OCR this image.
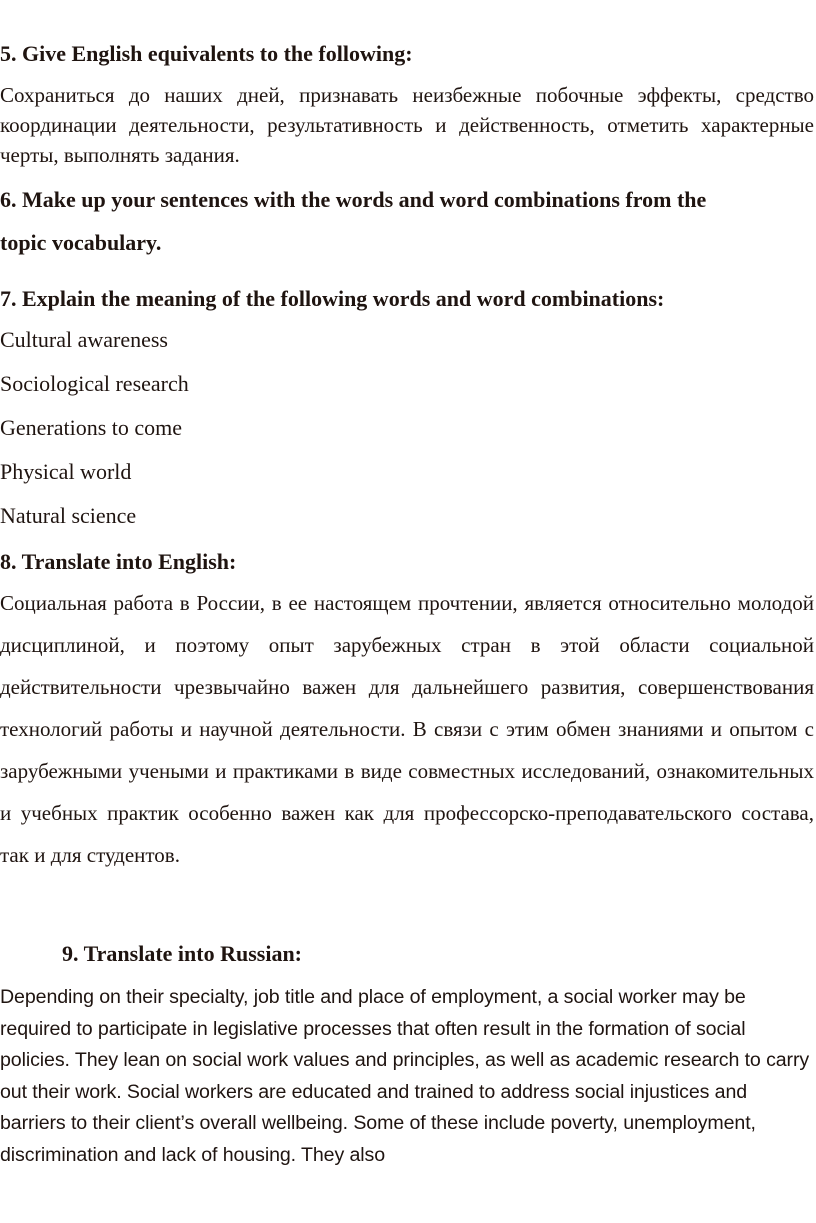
5. Give English equivalents to the following:

Сохраниться до наших дней, признавать неизбежные побочные эффекты, средство координации деятельности, результативность и действенность, отметить характерные черты, выполнять задания.

6. Make up your sentences with the words and word combinations from the
topic vocabulary.
7. Explain the meaning of the following words and word combinations:

Cultural awareness

Sociological research

Generations to come

Physical world

Natural science

8. Translate into English:

Социальная работа в России, в ее настоящем прочтении, является относительно молодой дисциплиной, и поэтому опыт зарубежных стран в этой области социальной действительности чрезвычайно важен для дальнейшего развития, совершенствования технологий работы и научной деятельности. В связи с этим обмен знаниями и опытом с зарубежными учеными и практиками в виде совместных исследований, ознакомительных и учебных практик особенно важен как для профессорско-преподавательского состава, так и для студентов.

9. Translate into Russian:

Depending on their specialty, job title and place of employment, a social worker may be required to participate in legislative processes that often result in the formation of social policies. They lean on social work values and principles, as well as academic research to carry out their work. Social workers are educated and trained to address social injustices and barriers to their client’s overall wellbeing. Some of these include poverty, unemployment, discrimination and lack of housing. They also
